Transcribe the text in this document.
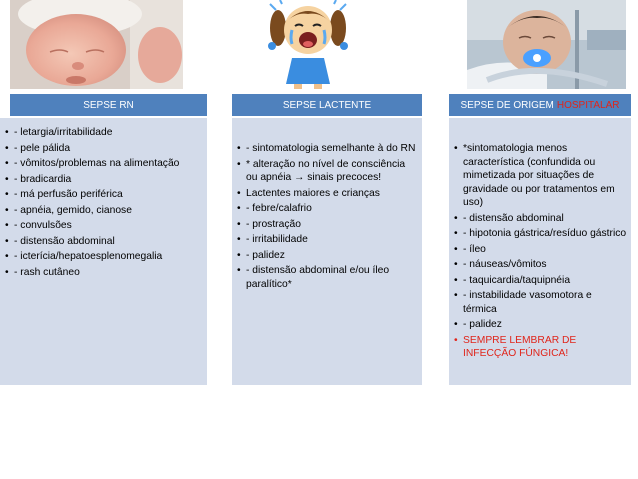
SEPSE RN	SEPSE LACTENTE	SEPSE DE ORIGEM HOSPITALAR
• - letargia/irritabilidade
• - pele pálida
• - vômitos/problemas na alimentação
• - bradicardia
• - má perfusão periférica
• - apnéia, gemido, cianose
• - convulsões
• - distensão abdominal
• - icterícia/hepatoesplenomegalia
• - rash cutâneo
• - sintomatologia semelhante à do RN
• * alteração no nível de consciência ou apnéia → sinais precoces!
• Lactentes maiores e crianças
• - febre/calafrio
• - prostração
• - irritabilidade
• - palidez
• - distensão abdominal e/ou íleo paralítico*
• *sintomatologia menos característica (confundida ou mimetizada por situações de gravidade ou por tratamentos em uso)
• - distensão abdominal
• - hipotonia gástrica/resíduo gástrico
• - íleo
• - náuseas/vômitos
• - taquicardia/taquipnéia
• - instabilidade vasomotora e térmica
• - palidez
• SEMPRE LEMBRAR DE INFECÇÃO FÚNGICA!
